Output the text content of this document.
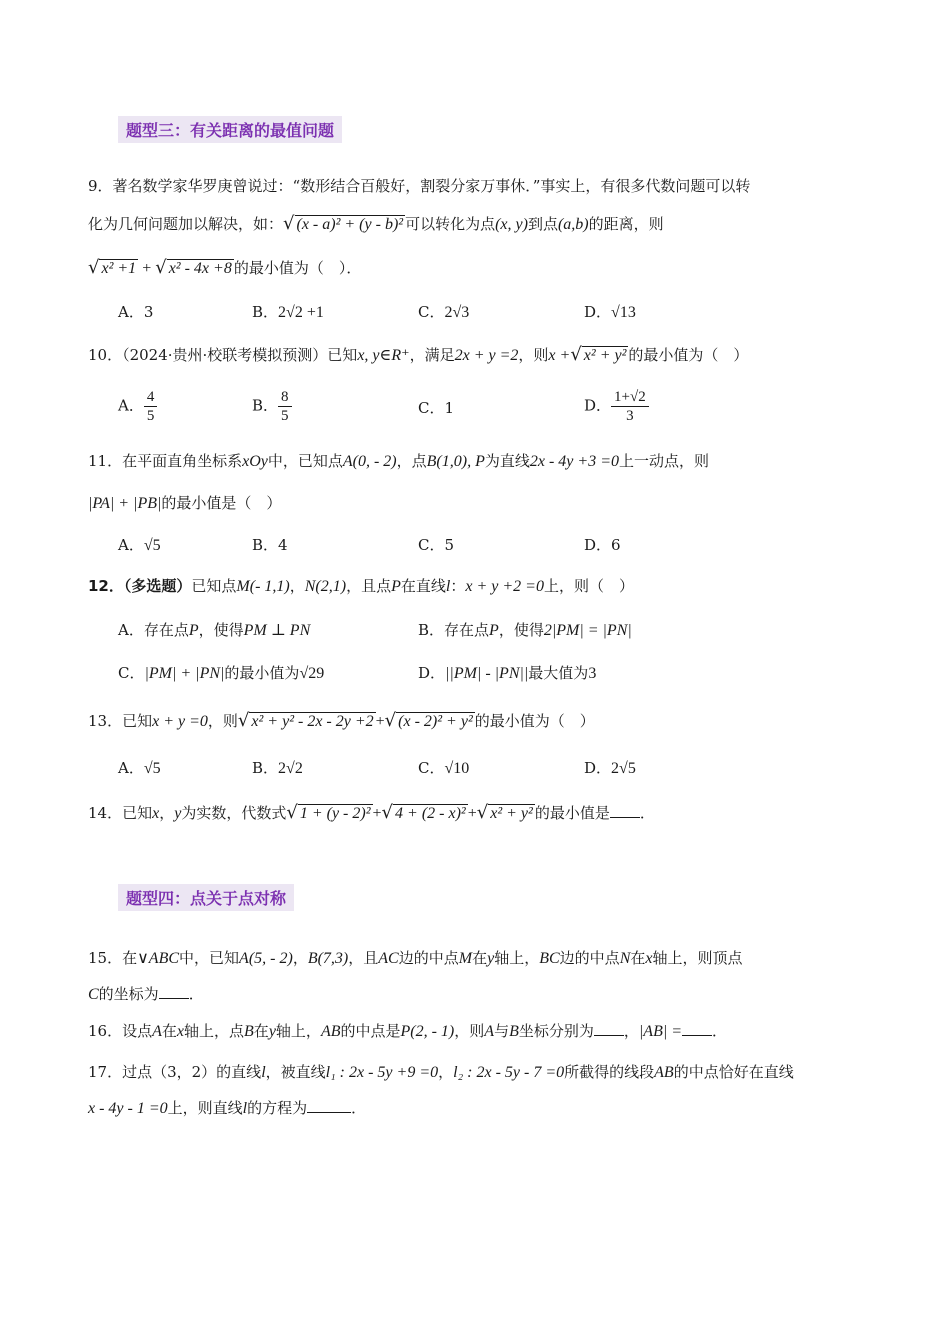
题型三：有关距离的最值问题
9．著名数学家华罗庚曾说过：“数形结合百般好，割裂分家万事休．”事实上，有很多代数问题可以转
化为几何问题加以解决，如：√ (x - a)² + (y - b)² 可以转化为点(x, y)到点(a,b)的距离，则
√ x² +1 + √ x² - 4x +8 的最小值为（　）．
A．3	B．2√2 +1	C．2√3	D．√13
10．（2024·贵州·校联考模拟预测）已知x, y∈R⁺，满足2x + y =2，则x +√ x² + y² 的最小值为（　）
A． $\frac{4}{5}$	B． $\frac{8}{5}$	C．1	D． $\frac{1+√2}{3}$
11．在平面直角坐标系xOy中，已知点A(0, - 2)，点B(1,0), P为直线2x - 4y +3 =0上一动点，则
|PA| + |PB|的最小值是（　）
A．√5	B．4	C．5	D．6
12．（多选题）已知点M(- 1,1)，N(2,1)，且点P在直线l：x + y +2 =0上，则（　）
A．存在点P，使得PM ⊥ PN	B．存在点P，使得2|PM| = |PN|
C．|PM| + |PN|的最小值为√29	D．||PM| - |PN||最大值为3
13．已知x + y =0，则√ x² + y² - 2x - 2y +2 +√ (x - 2)² + y² 的最小值为（　）
A．√5	B．2√2	C．√10	D．2√5
14．已知x，y为实数，代数式√ 1 + (y - 2)² +√ 4 + (2 - x)² +√ x² + y² 的最小值是 ．
题型四：点关于点对称
15．在∨ABC中，已知A(5, - 2)，B(7,3)，且AC边的中点M在y轴上，BC边的中点N在x轴上，则顶点
C的坐标为 ．
16．设点A在x轴上，点B在y轴上，AB的中点是P(2, - 1)，则A与B坐标分别为 ，|AB| = ．
17．过点（3，2）的直线l，被直线l₁ : 2x - 5y +9 =0，l₂ : 2x - 5y - 7 =0所截得的线段AB的中点恰好在直线
x - 4y - 1 =0上，则直线l的方程为	．
